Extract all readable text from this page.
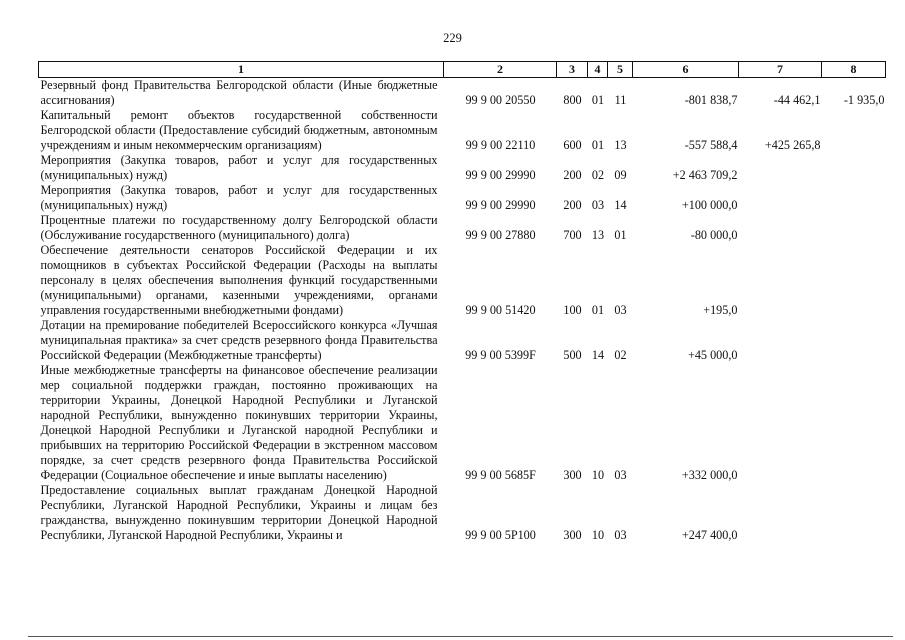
229
1	2	3	4	5	6	7	8
Резервный фонд Правительства Белгородской области (Иные бюджетные ассигнования)	99 9 00 20550	800	01	11	-801 838,7	-44 462,1	-1 935,0
Капитальный ремонт объектов государственной собственности Белгородской области (Предоставление субсидий бюджетным, автономным учреждениям и иным некоммерческим организациям)	99 9 00 22110	600	01	13	-557 588,4	+425 265,8	
Мероприятия (Закупка товаров, работ и услуг для государственных (муниципальных) нужд)	99 9 00 29990	200	02	09	+2 463 709,2		
Мероприятия (Закупка товаров, работ и услуг для государственных (муниципальных) нужд)	99 9 00 29990	200	03	14	+100 000,0		
Процентные платежи по государственному долгу Белгородской области (Обслуживание государственного (муниципального) долга)	99 9 00 27880	700	13	01	-80 000,0		
Обеспечение деятельности сенаторов Российской Федерации и их помощников в субъектах Российской Федерации (Расходы на выплаты персоналу в целях обеспечения выполнения функций государственными (муниципальными) органами, казенными учреждениями, органами управления государственными внебюджетными фондами)	99 9 00 51420	100	01	03	+195,0		
Дотации на премирование победителей Всероссийского конкурса «Лучшая муниципальная практика» за счет средств резервного фонда Правительства Российской Федерации (Межбюджетные трансферты)	99 9 00 5399F	500	14	02	+45 000,0		
Иные межбюджетные трансферты на финансовое обеспечение реализации мер социальной поддержки граждан, постоянно проживающих на территории Украины, Донецкой Народной Республики и Луганской народной Республики, вынужденно покинувших территории Украины, Донецкой Народной Республики и Луганской народной Республики и прибывших на территорию Российской Федерации в экстренном массовом порядке, за счет средств резервного фонда Правительства Российской Федерации (Социальное обеспечение и иные выплаты населению)	99 9 00 5685F	300	10	03	+332 000,0		
Предоставление социальных выплат гражданам Донецкой Народной Республики, Луганской Народной Республики, Украины и лицам без гражданства, вынужденно покинувшим территории Донецкой Народной Республики, Луганской Народной Республики, Украины и	99 9 00 5P100	300	10	03	+247 400,0		
